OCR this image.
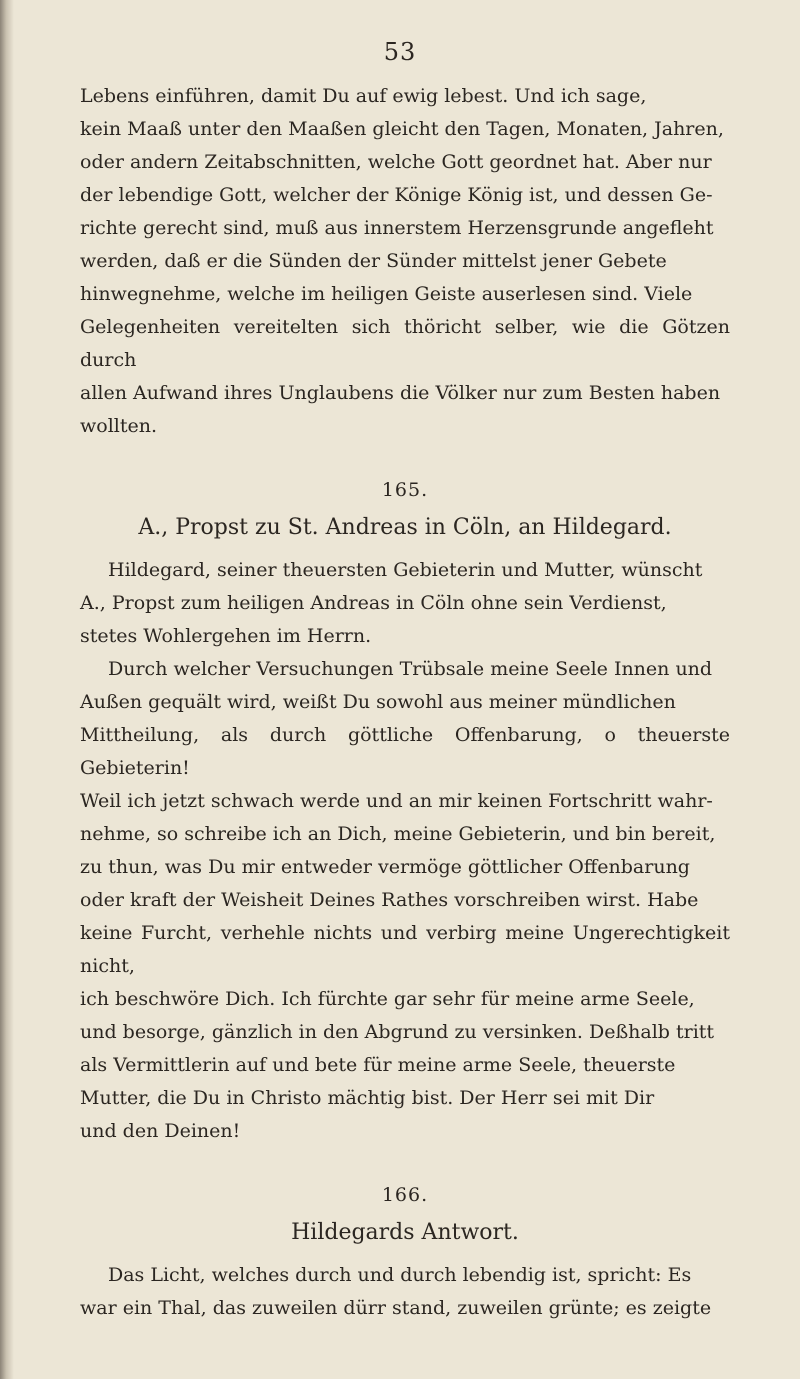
53

Lebens einführen, damit Du auf ewig lebest. Und ich sage,
kein Maaß unter den Maaßen gleicht den Tagen, Monaten, Jahren,
oder andern Zeitabschnitten, welche Gott geordnet hat. Aber nur
der lebendige Gott, welcher der Könige König ist, und dessen Ge-
richte gerecht sind, muß aus innerstem Herzensgrunde angefleht
werden, daß er die Sünden der Sünder mittelst jener Gebete
hinwegnehme, welche im heiligen Geiste auserlesen sind. Viele
Gelegenheiten vereitelten sich thöricht selber, wie die Götzen durch
allen Aufwand ihres Unglaubens die Völker nur zum Besten haben
wollten.

165.
A., Propst zu St. Andreas in Cöln, an Hildegard.

Hildegard, seiner theuersten Gebieterin und Mutter, wünscht
A., Propst zum heiligen Andreas in Cöln ohne sein Verdienst,
stetes Wohlergehen im Herrn.

Durch welcher Versuchungen Trübsale meine Seele Innen und
Außen gequält wird, weißt Du sowohl aus meiner mündlichen
Mittheilung, als durch göttliche Offenbarung, o theuerste Gebieterin!
Weil ich jetzt schwach werde und an mir keinen Fortschritt wahr-
nehme, so schreibe ich an Dich, meine Gebieterin, und bin bereit,
zu thun, was Du mir entweder vermöge göttlicher Offenbarung
oder kraft der Weisheit Deines Rathes vorschreiben wirst. Habe
keine Furcht, verhehle nichts und verbirg meine Ungerechtigkeit nicht,
ich beschwöre Dich. Ich fürchte gar sehr für meine arme Seele,
und besorge, gänzlich in den Abgrund zu versinken. Deßhalb tritt
als Vermittlerin auf und bete für meine arme Seele, theuerste
Mutter, die Du in Christo mächtig bist. Der Herr sei mit Dir
und den Deinen!

166.
Hildegards Antwort.

Das Licht, welches durch und durch lebendig ist, spricht: Es
war ein Thal, das zuweilen dürr stand, zuweilen grünte; es zeigte
